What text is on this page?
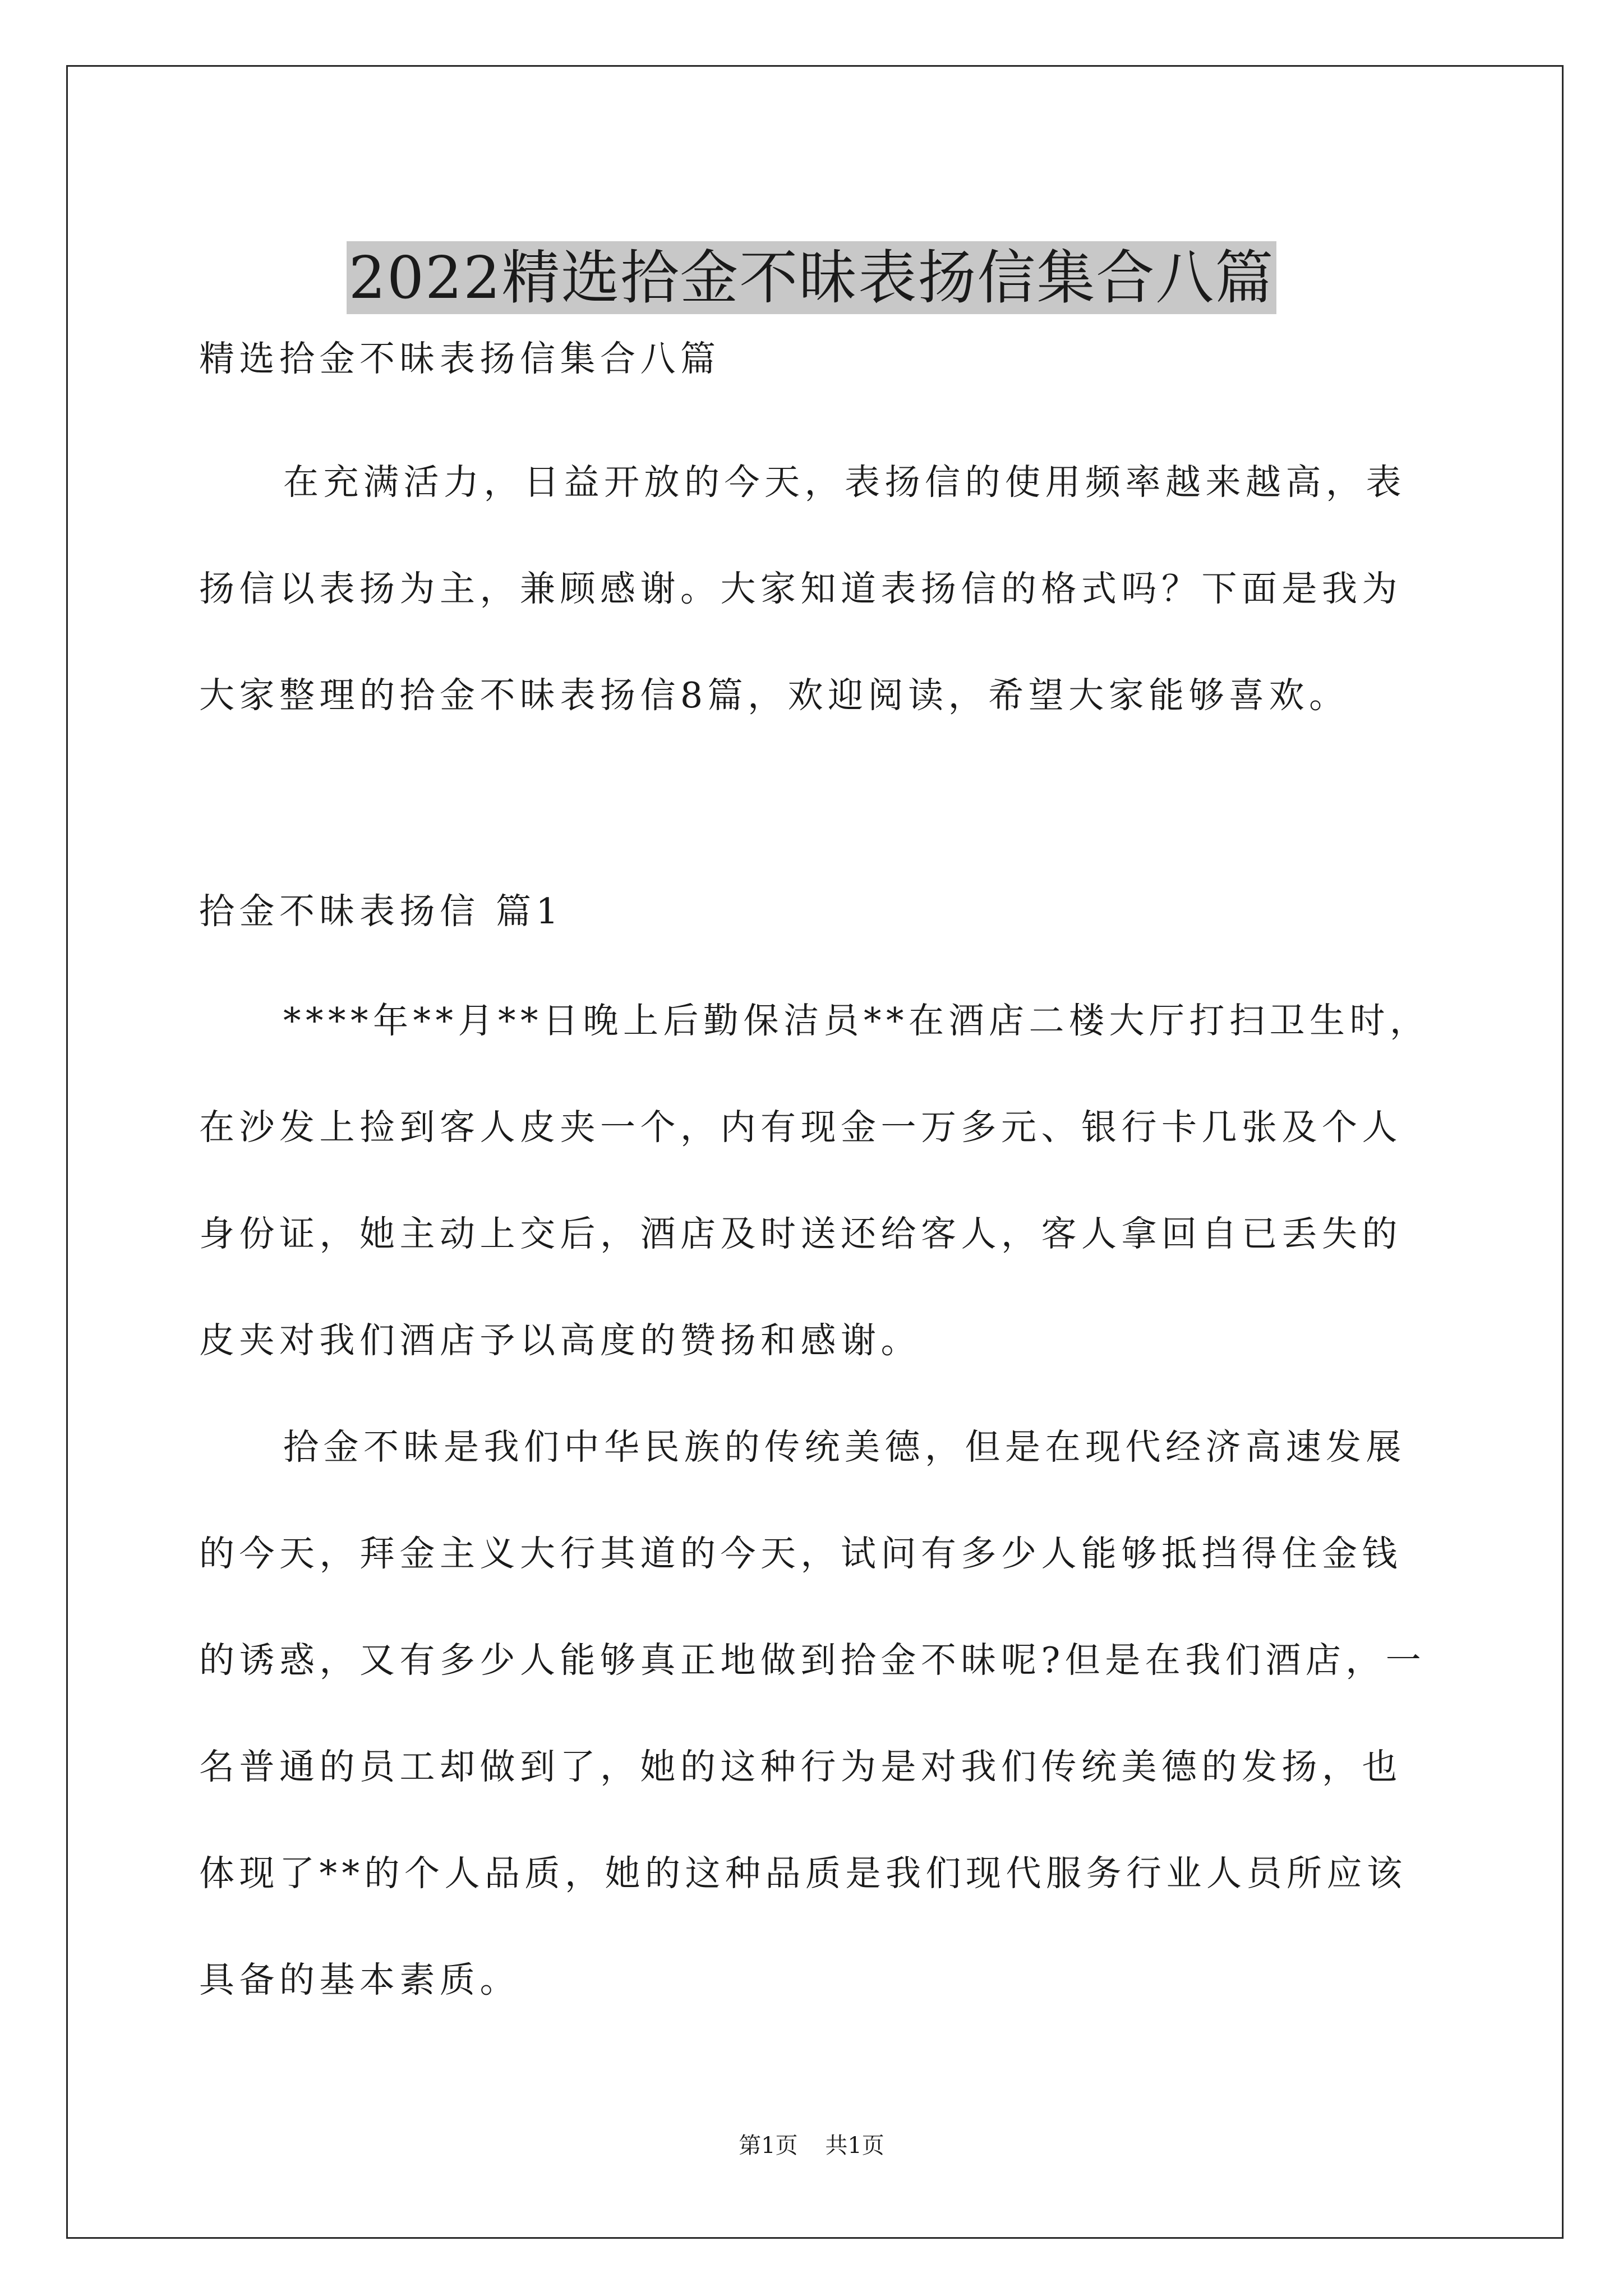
2022精选拾金不昧表扬信集合八篇
精选拾金不昧表扬信集合八篇
在充满活力，日益开放的今天，表扬信的使用频率越来越高，表
扬信以表扬为主，兼顾感谢。大家知道表扬信的格式吗？下面是我为
大家整理的拾金不昧表扬信8篇，欢迎阅读，希望大家能够喜欢。
拾金不昧表扬信 篇1
****年**月**日晚上后勤保洁员**在酒店二楼大厅打扫卫生时，
在沙发上捡到客人皮夹一个，内有现金一万多元、银行卡几张及个人
身份证，她主动上交后，酒店及时送还给客人，客人拿回自已丢失的
皮夹对我们酒店予以高度的赞扬和感谢。
拾金不昧是我们中华民族的传统美德，但是在现代经济高速发展
的今天，拜金主义大行其道的今天，试问有多少人能够抵挡得住金钱
的诱惑，又有多少人能够真正地做到拾金不昧呢?但是在我们酒店，一
名普通的员工却做到了，她的这种行为是对我们传统美德的发扬，也
体现了**的个人品质，她的这种品质是我们现代服务行业人员所应该
具备的基本素质。
第1页 共1页
